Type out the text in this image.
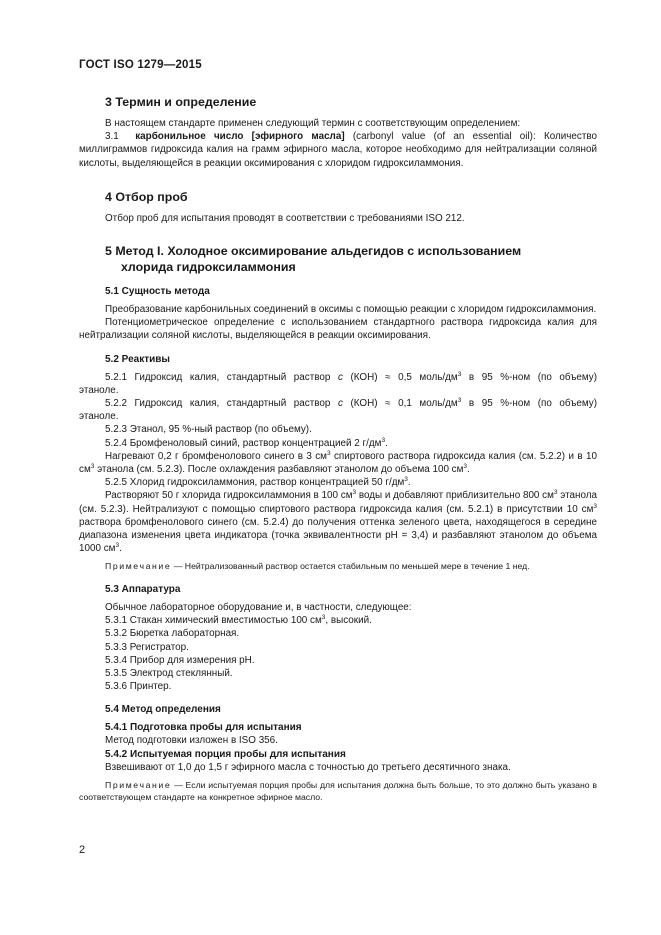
ГОСТ ISO 1279—2015
3 Термин и определение

В настоящем стандарте применен следующий термин с соответствующим определением:

3.1 карбонильное число [эфирного масла] (carbonyl value (of an essential oil): Количество миллиграммов гидроксида калия на грамм эфирного масла, которое необходимо для нейтрализации соляной кислоты, выделяющейся в реакции оксимирования с хлоридом гидроксиламмония.

4 Отбор проб

Отбор проб для испытания проводят в соответствии с требованиями ISO 212.

5 Метод I. Холодное оксимирование альдегидов с использованием
хлорида гидроксиламмония
5.1 Сущность метода

Преобразование карбонильных соединений в оксимы с помощью реакции с хлоридом гидроксиламмония.

Потенциометрическое определение с использованием стандартного раствора гидроксида калия для нейтрализации соляной кислоты, выделяющейся в реакции оксимирования.

5.2 Реактивы

5.2.1 Гидроксид калия, стандартный раствор c (КОН) ≈ 0,5 моль/$дм^3$ в 95 %-ном (по объему) этаноле.

5.2.2 Гидроксид калия, стандартный раствор c (КОН) ≈ 0,1 моль/$дм^3$ в 95 %-ном (по объему) этаноле.

5.2.3 Этанол, 95 %-ный раствор (по объему).

5.2.4 Бромфеноловый синий, раствор концентрацией 2 $г/дм^3$.

Нагревают 0,2 г бромфенолового синего в 3 $см^3$ спиртового раствора гидроксида калия (см. 5.2.2) и в 10 $см^3$ этанола (см. 5.2.3). После охлаждения разбавляют этанолом до объема 100 $см^3$.

5.2.5 Хлорид гидроксиламмония, раствор концентрацией 50 $г/дм^3$.

Растворяют 50 г хлорида гидроксиламмония в 100 $см^3$ воды и добавляют приблизительно 800 $см^3$ этанола (см. 5.2.3). Нейтрализуют с помощью спиртового раствора гидроксида калия (см. 5.2.1) в присутствии 10 $см^3$ раствора бромфенолового синего (см. 5.2.4) до получения оттенка зеленого цвета, находящегося в середине диапазона изменения цвета индикатора (точка эквивалентности рН = 3,4) и разбавляют этанолом до объема 1000 $см^3$.

Примечание — Нейтрализованный раствор остается стабильным по меньшей мере в течение 1 нед.

5.3 Аппаратура

Обычное лабораторное оборудование и, в частности, следующее:

5.3.1 Стакан химический вместимостью 100 $см^3$, высокий.

5.3.2 Бюретка лабораторная.

5.3.3 Регистратор.

5.3.4 Прибор для измерения рН.

5.3.5 Электрод стеклянный.

5.3.6 Принтер.

5.4 Метод определения
5.4.1 Подготовка пробы для испытания

Метод подготовки изложен в ISO 356.

5.4.2 Испытуемая порция пробы для испытания

Взвешивают от 1,0 до 1,5 г эфирного масла с точностью до третьего десятичного знака.

Примечание — Если испытуемая порция пробы для испытания должна быть больше, то это должно быть указано в соответствующем стандарте на конкретное эфирное масло.

2
